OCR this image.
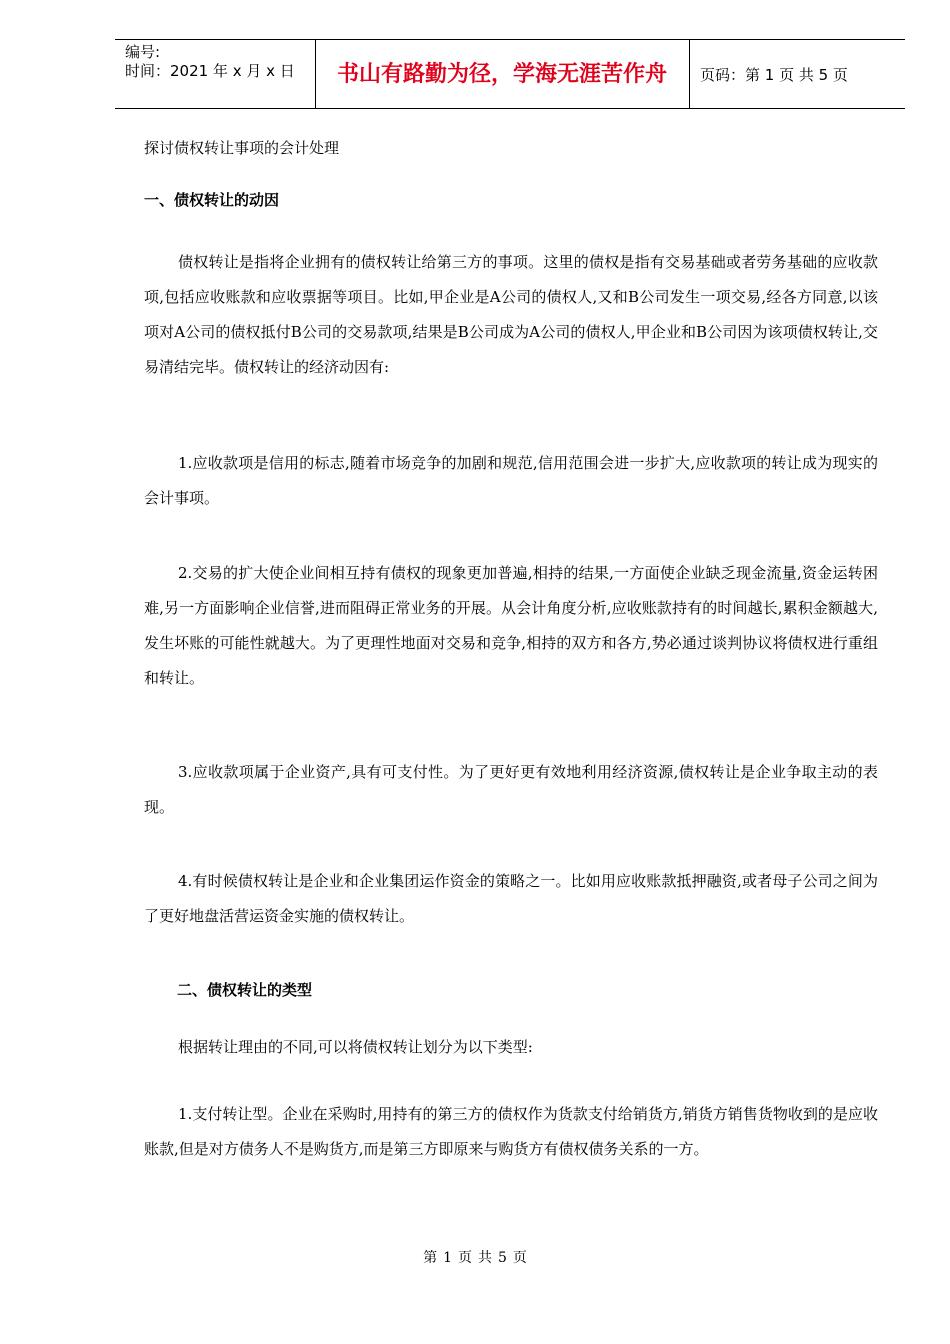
编号:
时间：2021 年 x 月 x 日	书山有路勤为径，学海无涯苦作舟	页码：第 1 页 共 5 页
探讨债权转让事项的会计处理
一、债权转让的动因
债权转让是指将企业拥有的债权转让给第三方的事项。这里的债权是指有交易基础或者劳务基础的应收款项,包括应收账款和应收票据等项目。比如,甲企业是A公司的债权人,又和B公司发生一项交易,经各方同意,以该项对A公司的债权抵付B公司的交易款项,结果是B公司成为A公司的债权人,甲企业和B公司因为该项债权转让,交易清结完毕。债权转让的经济动因有:
1.应收款项是信用的标志,随着市场竞争的加剧和规范,信用范围会进一步扩大,应收款项的转让成为现实的会计事项。
2.交易的扩大使企业间相互持有债权的现象更加普遍,相持的结果,一方面使企业缺乏现金流量,资金运转困难,另一方面影响企业信誉,进而阻碍正常业务的开展。从会计角度分析,应收账款持有的时间越长,累积金额越大,发生坏账的可能性就越大。为了更理性地面对交易和竞争,相持的双方和各方,势必通过谈判协议将债权进行重组和转让。
3.应收款项属于企业资产,具有可支付性。为了更好更有效地利用经济资源,债权转让是企业争取主动的表现。
4.有时候债权转让是企业和企业集团运作资金的策略之一。比如用应收账款抵押融资,或者母子公司之间为了更好地盘活营运资金实施的债权转让。
二、债权转让的类型
根据转让理由的不同,可以将债权转让划分为以下类型:
1.支付转让型。企业在采购时,用持有的第三方的债权作为货款支付给销货方,销货方销售货物收到的是应收账款,但是对方债务人不是购货方,而是第三方即原来与购货方有债权债务关系的一方。
第 1 页 共 5 页
